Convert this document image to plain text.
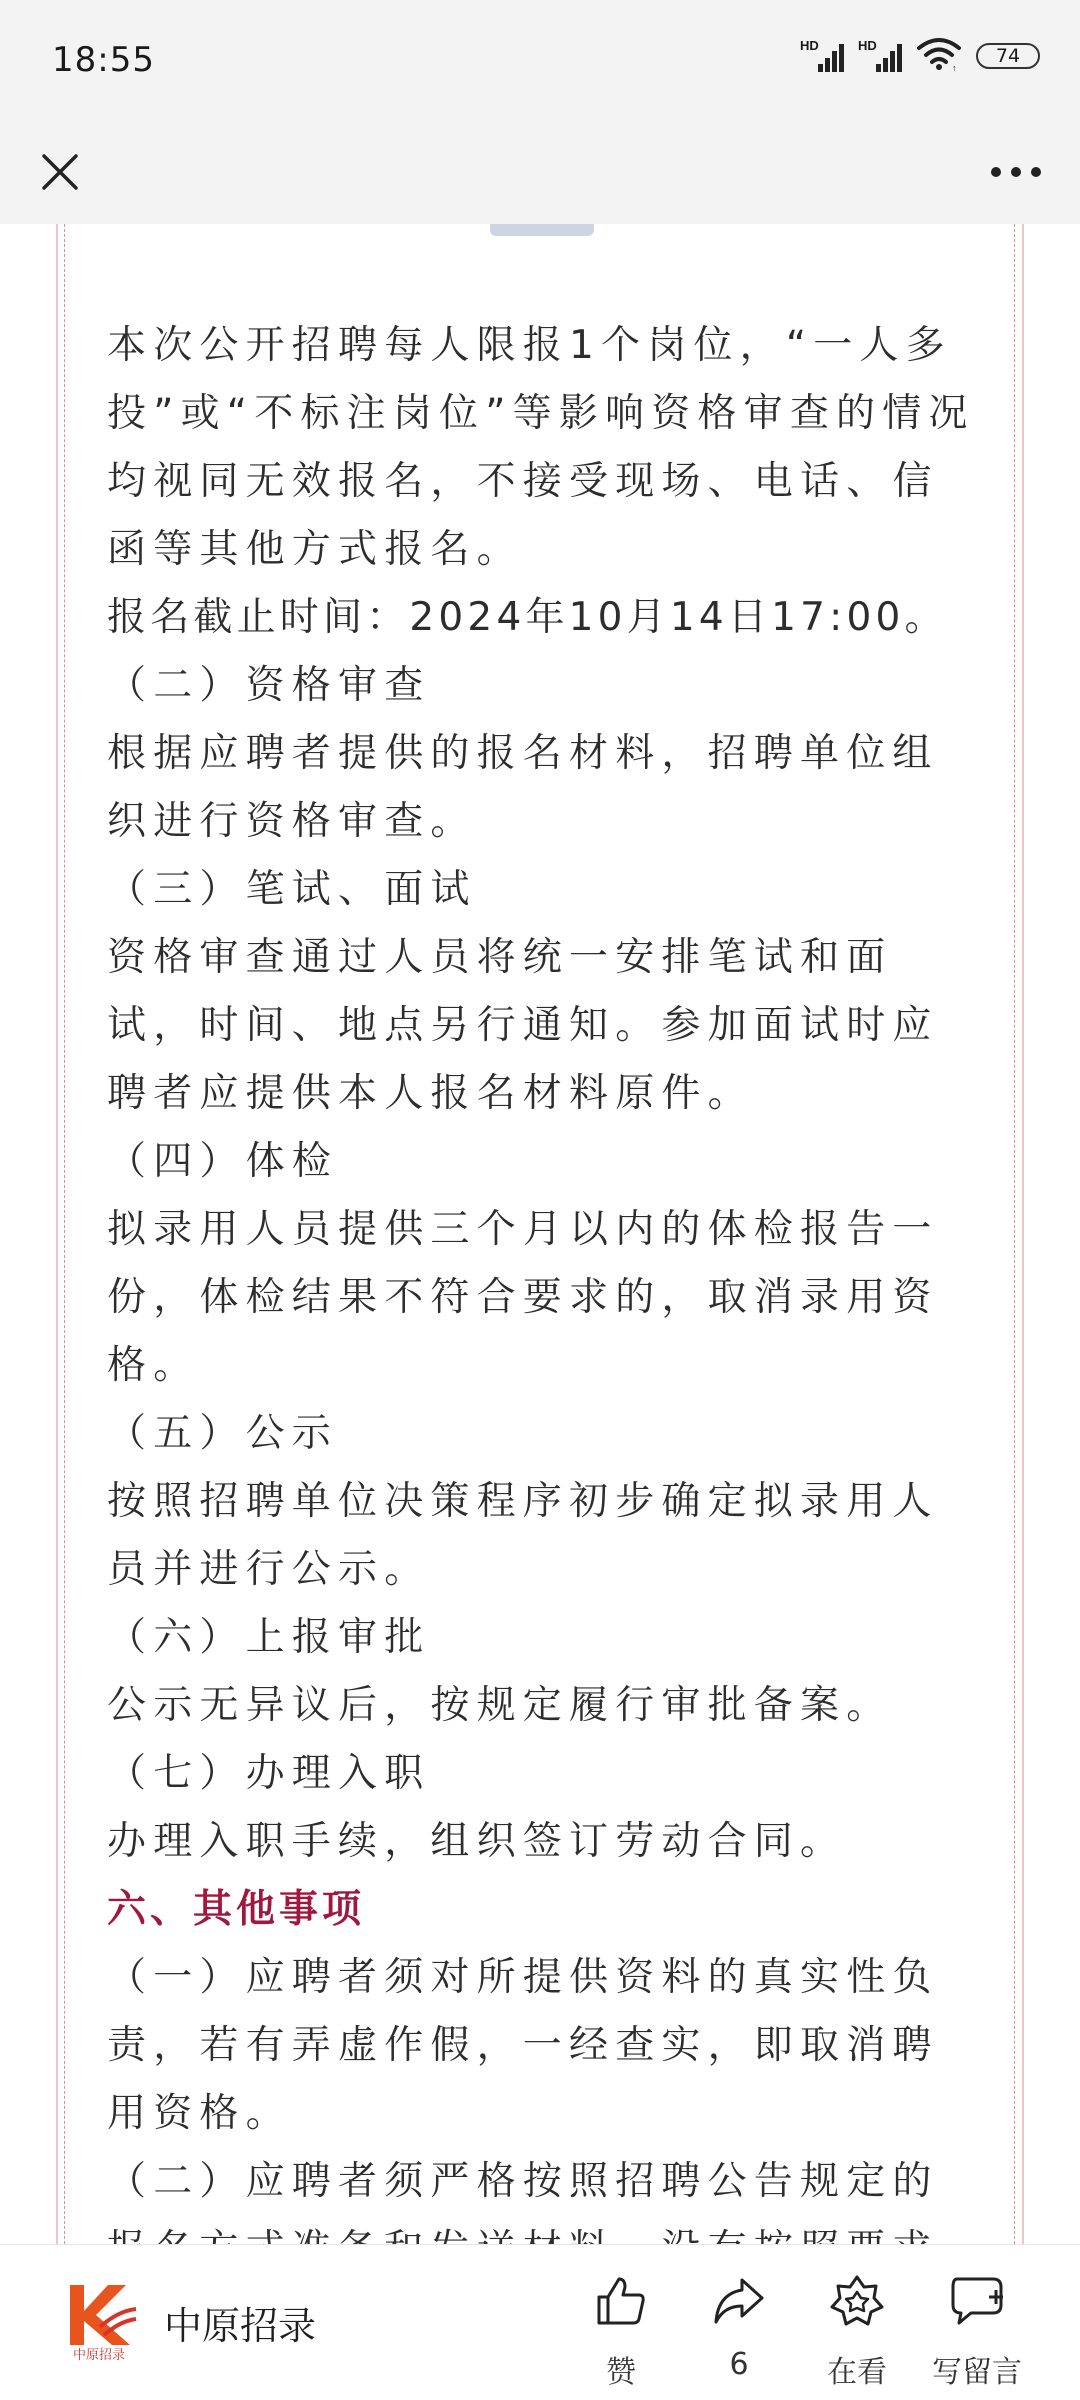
18:55	HD	HD
↑
74
本次公开招聘每人限报1个岗位，“一人多
投”或“不标注岗位”等影响资格审查的情况
均视同无效报名，不接受现场、电话、信
函等其他方式报名。
报名截止时间：2024年10月14日17:00。
（二）资格审查
根据应聘者提供的报名材料，招聘单位组
织进行资格审查。
（三）笔试、面试
资格审查通过人员将统一安排笔试和面
试，时间、地点另行通知。参加面试时应
聘者应提供本人报名材料原件。
（四）体检
拟录用人员提供三个月以内的体检报告一
份，体检结果不符合要求的，取消录用资
格。
（五）公示
按照招聘单位决策程序初步确定拟录用人
员并进行公示。
（六）上报审批
公示无异议后，按规定履行审批备案。
（七）办理入职
办理入职手续，组织签订劳动合同。
六、其他事项
（一）应聘者须对所提供资料的真实性负
责，若有弄虚作假，一经查实，即取消聘
用资格。
（二）应聘者须严格按照招聘公告规定的
中原招录
中原招录
赞	6	在看	写留言
